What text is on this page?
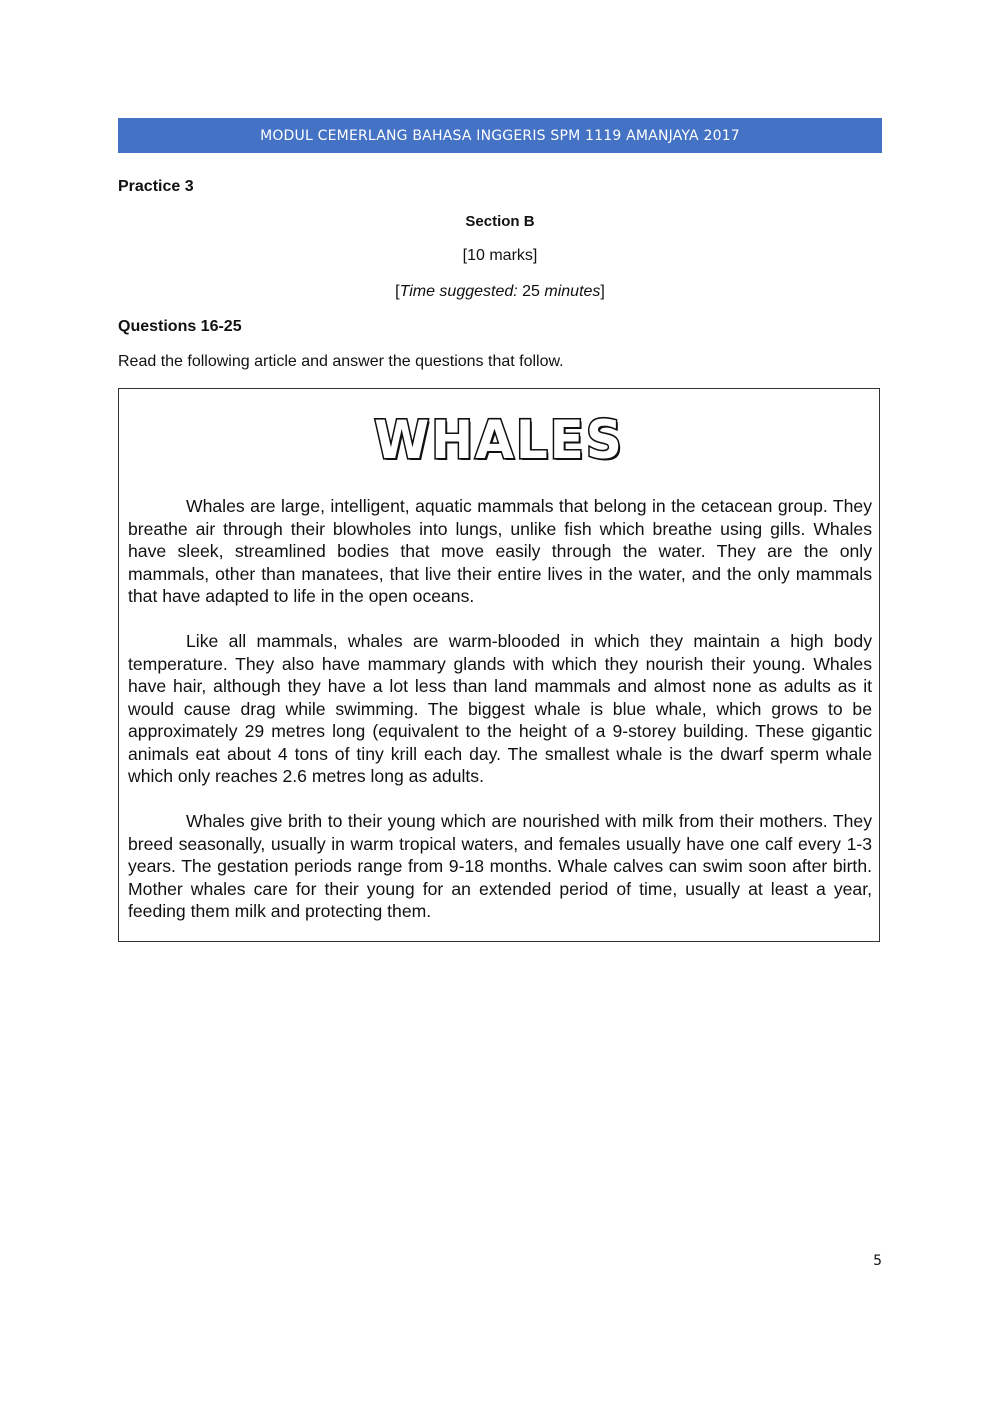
MODUL CEMERLANG BAHASA INGGERIS SPM 1119 AMANJAYA 2017
Practice 3
Section B
[10 marks]
[Time suggested: 25 minutes]
Questions 16-25
Read the following article and answer the questions that follow.
WHALES

Whales are large, intelligent, aquatic mammals that belong in the cetacean group. They breathe air through their blowholes into lungs, unlike fish which breathe using gills. Whales have sleek, streamlined bodies that move easily through the water. They are the only mammals, other than manatees, that live their entire lives in the water, and the only mammals that have adapted to life in the open oceans.

Like all mammals, whales are warm-blooded in which they maintain a high body temperature. They also have mammary glands with which they nourish their young. Whales have hair, although they have a lot less than land mammals and almost none as adults as it would cause drag while swimming. The biggest whale is blue whale, which grows to be approximately 29 metres long (equivalent to the height of a 9-storey building. These gigantic animals eat about 4 tons of tiny krill each day. The smallest whale is the dwarf sperm whale which only reaches 2.6 metres long as adults.

Whales give brith to their young which are nourished with milk from their mothers. They breed seasonally, usually in warm tropical waters, and females usually have one calf every 1-3 years. The gestation periods range from 9-18 months. Whale calves can swim soon after birth. Mother whales care for their young for an extended period of time, usually at least a year, feeding them milk and protecting them.

5
